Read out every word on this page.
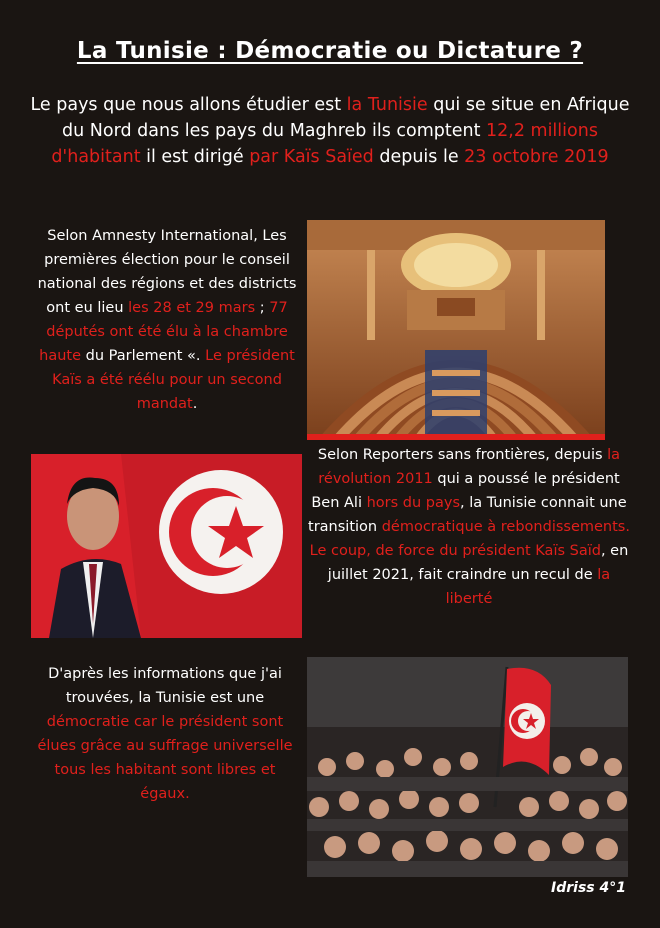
La Tunisie : Démocratie ou Dictature ?
Le pays que nous allons étudier est la Tunisie qui se situe en Afrique du Nord dans les pays du Maghreb ils comptent 12,2 millions d'habitant il est dirigé par Kaïs Saïed depuis le 23 octobre 2019
Selon Amnesty International, Les premières élection pour le conseil national des régions et des districts ont eu lieu les 28 et 29 mars ; 77 députés ont été élu à la chambre haute du Parlement «. Le président Kaïs a été réélu pour un second mandat.
Selon Reporters sans frontières, depuis la révolution 2011 qui a poussé le président Ben Ali hors du pays, la Tunisie connait une transition démocratique à rebondissements. Le coup, de force du président Kaïs Saïd, en juillet 2021, fait craindre un recul de la liberté
D'après les informations que j'ai trouvées, la Tunisie est une démocratie car le président sont élues grâce au suffrage universelle tous les habitant sont libres et égaux.
Idriss 4°1
